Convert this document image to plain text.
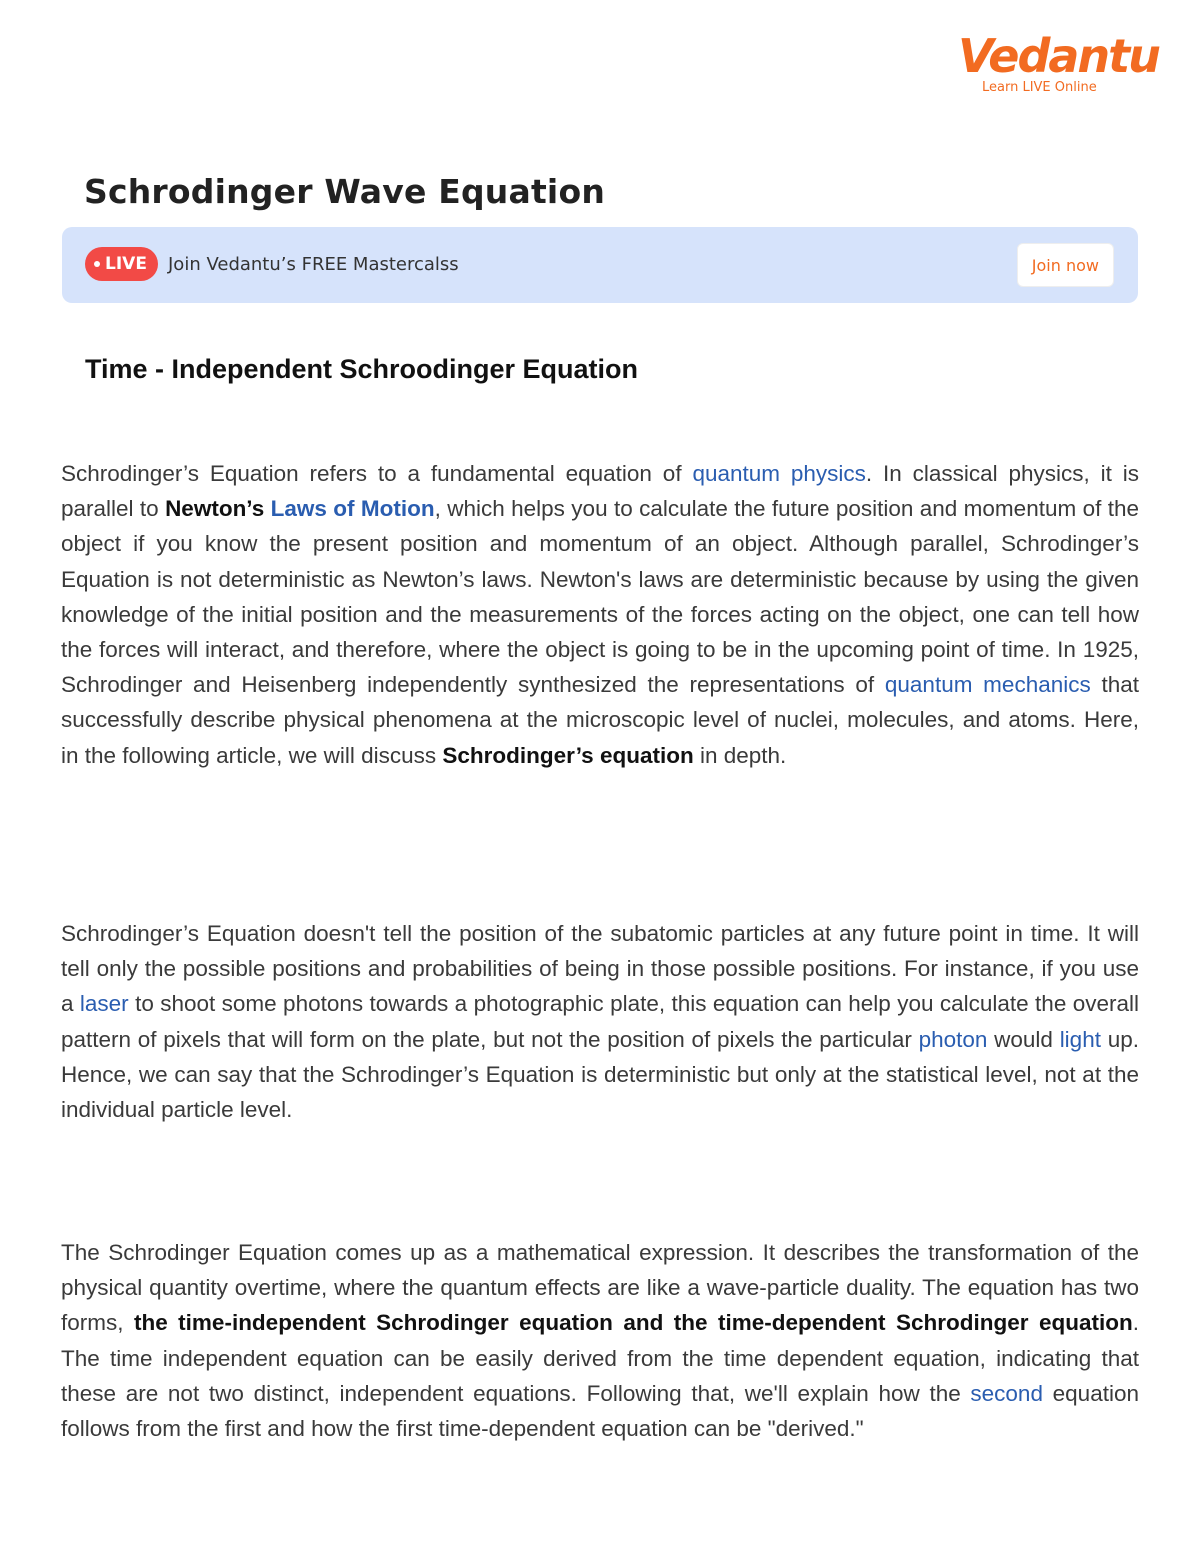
Vedantu
Learn LIVE Online
Schrodinger Wave Equation
LIVE Join Vedantu’s FREE Mastercalss	Join now
Time - Independent Schroodinger Equation

Schrodinger’s Equation refers to a fundamental equation of quantum physics. In classical physics, it is parallel to Newton’s Laws of Motion, which helps you to calculate the future position and momentum of the object if you know the present position and momentum of an object. Although parallel, Schrodinger’s Equation is not deterministic as Newton’s laws. Newton's laws are deterministic because by using the given knowledge of the initial position and the measurements of the forces acting on the object, one can tell how the forces will interact, and therefore, where the object is going to be in the upcoming point of time. In 1925, Schrodinger and Heisenberg independently synthesized the representations of quantum mechanics that successfully describe physical phenomena at the microscopic level of nuclei, molecules, and atoms. Here, in the following article, we will discuss Schrodinger’s equation in depth.

Schrodinger’s Equation doesn't tell the position of the subatomic particles at any future point in time. It will tell only the possible positions and probabilities of being in those possible positions. For instance, if you use a laser to shoot some photons towards a photographic plate, this equation can help you calculate the overall pattern of pixels that will form on the plate, but not the position of pixels the particular photon would light up. Hence, we can say that the Schrodinger’s Equation is deterministic but only at the statistical level, not at the individual particle level.

The Schrodinger Equation comes up as a mathematical expression. It describes the transformation of the physical quantity overtime, where the quantum effects are like a wave-particle duality. The equation has two forms, the time-independent Schrodinger equation and the time-dependent Schrodinger equation. The time independent equation can be easily derived from the time dependent equation, indicating that these are not two distinct, independent equations. Following that, we'll explain how the second equation follows from the first and how the first time-dependent equation can be "derived."
